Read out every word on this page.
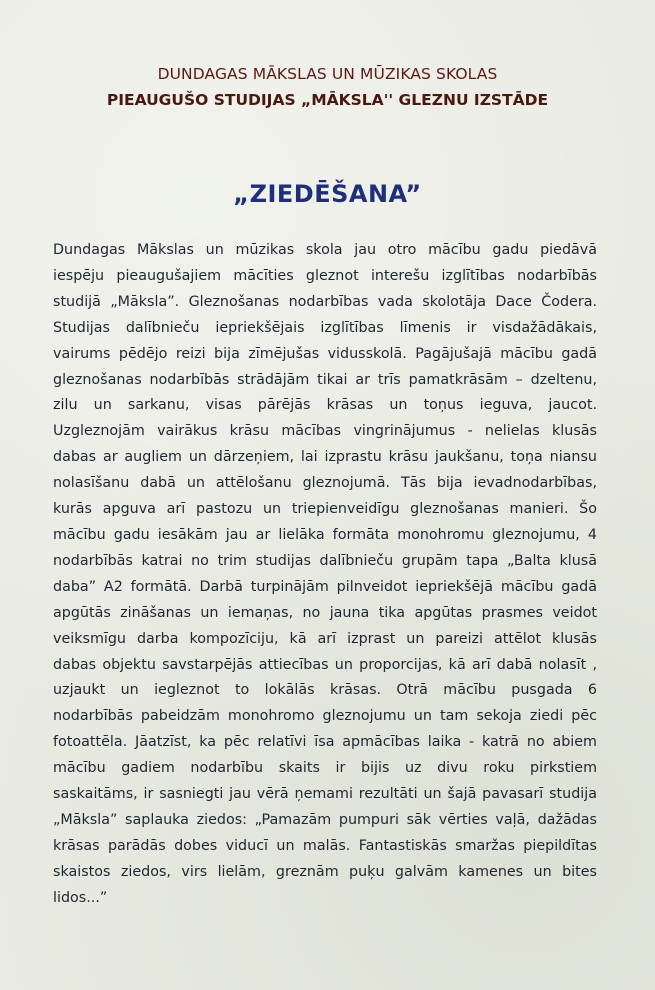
DUNDAGAS MĀKSLAS UN MŪZIKAS SKOLAS
PIEAUGUŠO STUDIJAS „MĀKSLA'' GLEZNU IZSTĀDE
„ZIEDĒŠANA”
Dundagas Mākslas un mūzikas skola jau otro mācību gadu piedāvā
iespēju pieaugušajiem mācīties gleznot interešu izglītības nodarbībās
studijā „Māksla”. Gleznošanas nodarbības vada skolotāja Dace Čodera.
Studijas dalībnieču iepriekšējais izglītības līmenis ir visdažādākais,
vairums pēdējo reizi bija zīmējušas vidusskolā. Pagājušajā mācību gadā
gleznošanas nodarbībās strādājām tikai ar trīs pamatkrāsām – dzeltenu,
zilu un sarkanu, visas pārējās krāsas un toņus ieguva, jaucot.
Uzgleznojām vairākus krāsu mācības vingrinājumus - nelielas klusās
dabas ar augliem un dārzeņiem, lai izprastu krāsu jaukšanu, toņa niansu
nolasīšanu dabā un attēlošanu gleznojumā. Tās bija ievadnodarbības,
kurās apguva arī pastozu un triepienveidīgu gleznošanas manieri. Šo
mācību gadu iesākām jau ar lielāka formāta monohromu gleznojumu, 4
nodarbībās katrai no trim studijas dalībnieču grupām tapa „Balta klusā
daba” A2 formātā. Darbā turpinājām pilnveidot iepriekšējā mācību gadā
apgūtās zināšanas un iemaņas, no jauna tika apgūtas prasmes veidot
veiksmīgu darba kompozīciju, kā arī izprast un pareizi attēlot klusās
dabas objektu savstarpējās attiecības un proporcijas, kā arī dabā nolasīt ,
uzjaukt un iegleznot to lokālās krāsas. Otrā mācību pusgada 6
nodarbībās pabeidzām monohromo gleznojumu un tam sekoja ziedi pēc
fotoattēla. Jāatzīst, ka pēc relatīvi īsa apmācības laika - katrā no abiem
mācību gadiem nodarbību skaits ir bijis uz divu roku pirkstiem
saskaitāms, ir sasniegti jau vērā ņemami rezultāti un šajā pavasarī studija
„Māksla” saplauka ziedos: „Pamazām pumpuri sāk vērties vaļā, dažādas
krāsas parādās dobes viducī un malās. Fantastiskās smaržas piepildītas
skaistos ziedos, virs lielām, greznām puķu galvām kamenes un bites
lidos...”
